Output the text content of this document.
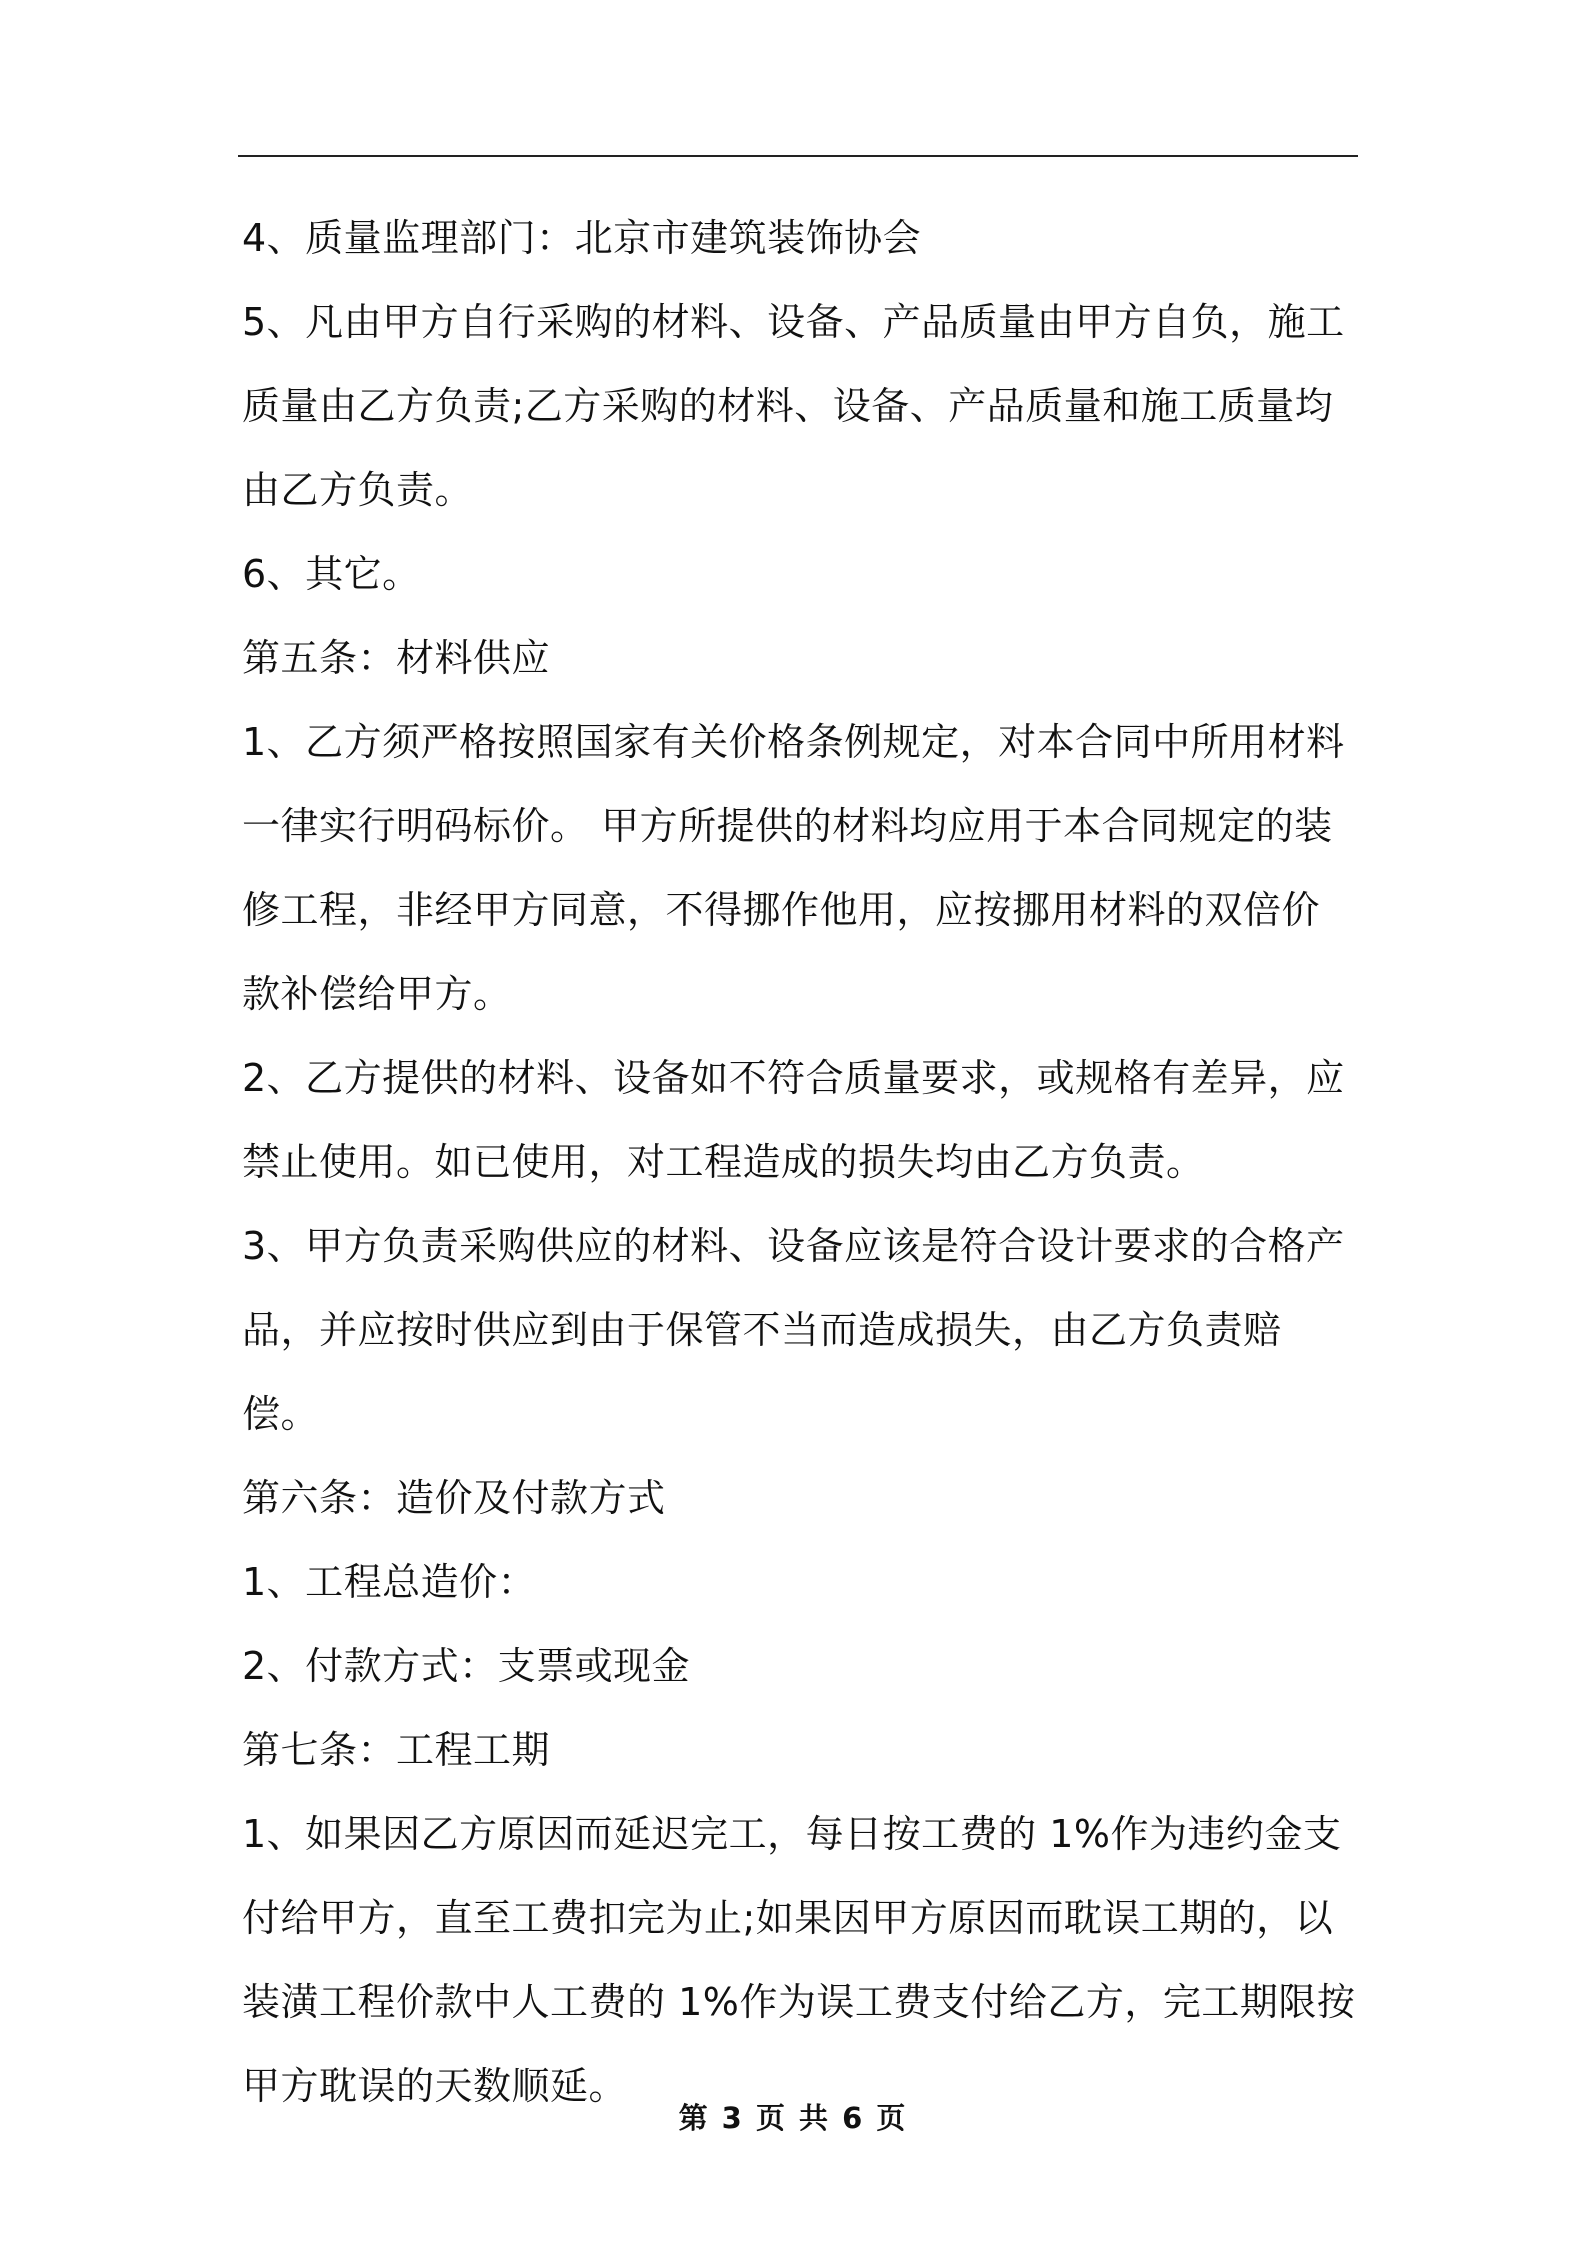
4、质量监理部门：北京市建筑装饰协会

5、凡由甲方自行采购的材料、设备、产品质量由甲方自负，施工质量由乙方负责;乙方采购的材料、设备、产品质量和施工质量均由乙方负责。

6、其它。

第五条：材料供应

1、乙方须严格按照国家有关价格条例规定，对本合同中所用材料一律实行明码标价。 甲方所提供的材料均应用于本合同规定的装修工程，非经甲方同意，不得挪作他用，应按挪用材料的双倍价款补偿给甲方。

2、乙方提供的材料、设备如不符合质量要求，或规格有差异，应禁止使用。如已使用，对工程造成的损失均由乙方负责。

3、甲方负责采购供应的材料、设备应该是符合设计要求的合格产品，并应按时供应到由于保管不当而造成损失，由乙方负责赔偿。

第六条：造价及付款方式

1、工程总造价：

2、付款方式：支票或现金

第七条：工程工期

1、如果因乙方原因而延迟完工，每日按工费的 1%作为违约金支付给甲方，直至工费扣完为止;如果因甲方原因而耽误工期的，以装潢工程价款中人工费的 1%作为误工费支付给乙方，完工期限按甲方耽误的天数顺延。

第 3 页 共 6 页
